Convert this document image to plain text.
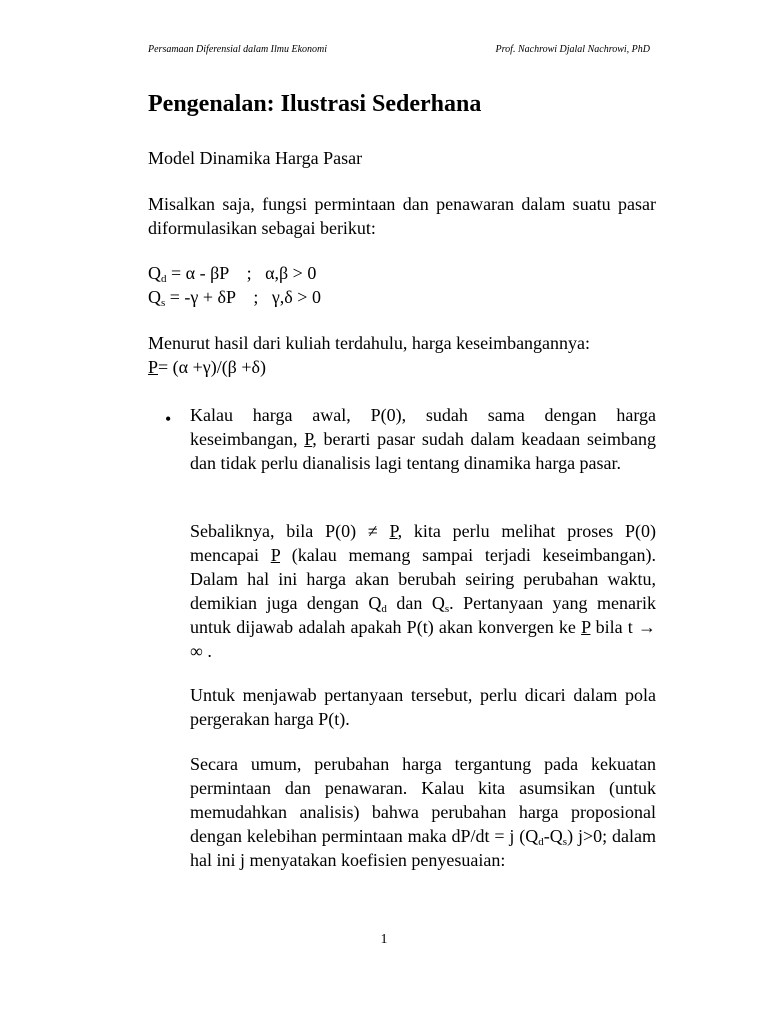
Persamaan Diferensial dalam Ilmu Ekonomi	Prof. Nachrowi Djalal Nachrowi, PhD
Pengenalan: Ilustrasi Sederhana

Model Dinamika Harga Pasar

Misalkan saja, fungsi permintaan dan penawaran dalam suatu pasar diformulasikan sebagai berikut:

$Q_d = \alpha - \beta P$    ;   α,β > 0

$Q_s = -\gamma + \delta P$    ;   γ,δ > 0

Menurut hasil dari kuliah terdahulu, harga keseimbangannya:

P= (α +γ)/(β +δ)

• Kalau harga awal, P(0), sudah sama dengan harga keseimbangan, P, berarti pasar sudah dalam keadaan seimbang dan tidak perlu dianalisis lagi tentang dinamika harga pasar.

Sebaliknya, bila P(0) ≠ P, kita perlu melihat proses P(0) mencapai P (kalau memang sampai terjadi keseimbangan). Dalam hal ini harga akan berubah seiring perubahan waktu, demikian juga dengan $Q_d$ dan $Q_s$. Pertanyaan yang menarik untuk dijawab adalah apakah P(t) akan konvergen ke P bila t → ∞ .

Untuk menjawab pertanyaan tersebut, perlu dicari dalam pola pergerakan harga P(t).

Secara umum, perubahan harga tergantung pada kekuatan permintaan dan penawaran. Kalau kita asumsikan (untuk memudahkan analisis) bahwa perubahan harga proposional dengan kelebihan permintaan maka dP/dt = j $(Q_d-Q_s)$ j>0; dalam hal ini j menyatakan koefisien penyesuaian:

1
